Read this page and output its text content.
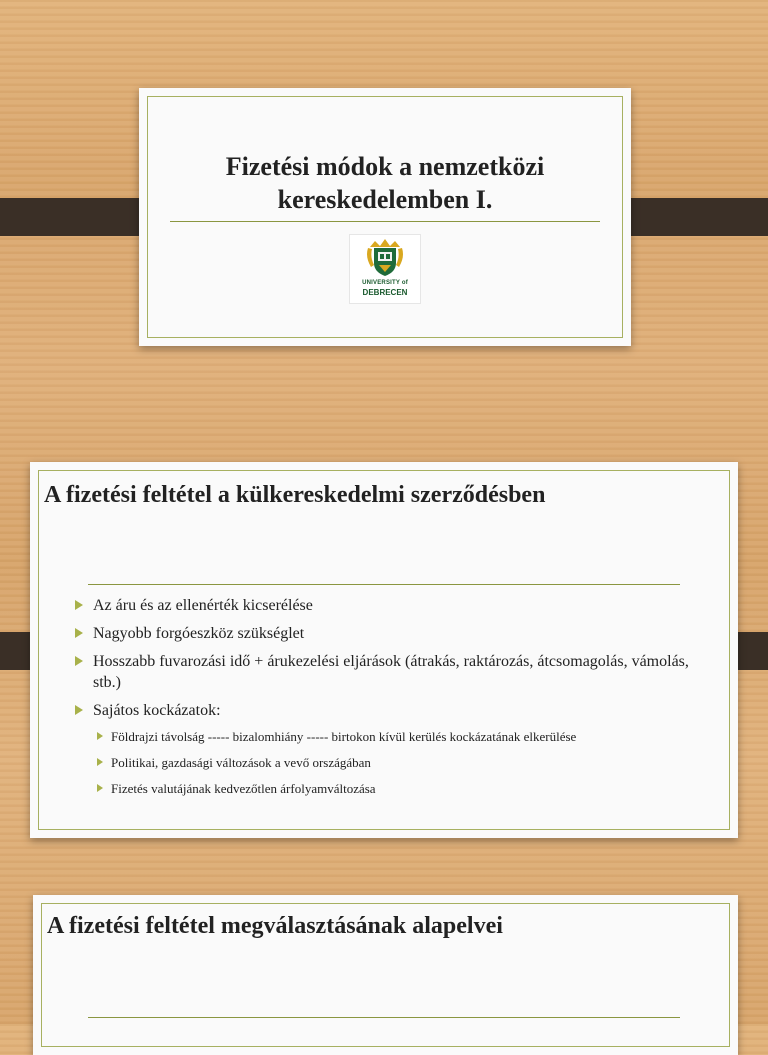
Fizetési módok a nemzetközi
kereskedelemben I.
UNIVERSITY of
DEBRECEN
A fizetési feltétel a külkereskedelmi szerződésben
Az áru és az ellenérték kicserélése
Nagyobb forgóeszköz szükséglet
Hosszabb fuvarozási idő + árukezelési eljárások (átrakás, raktározás, átcsomagolás, vámolás, stb.)
Sajátos kockázatok:
Földrajzi távolság ----- bizalomhiány ----- birtokon kívül kerülés kockázatának elkerülése
Politikai, gazdasági változások a vevő országában
Fizetés valutájának kedvezőtlen árfolyamváltozása
A fizetési feltétel megválasztásának alapelvei
